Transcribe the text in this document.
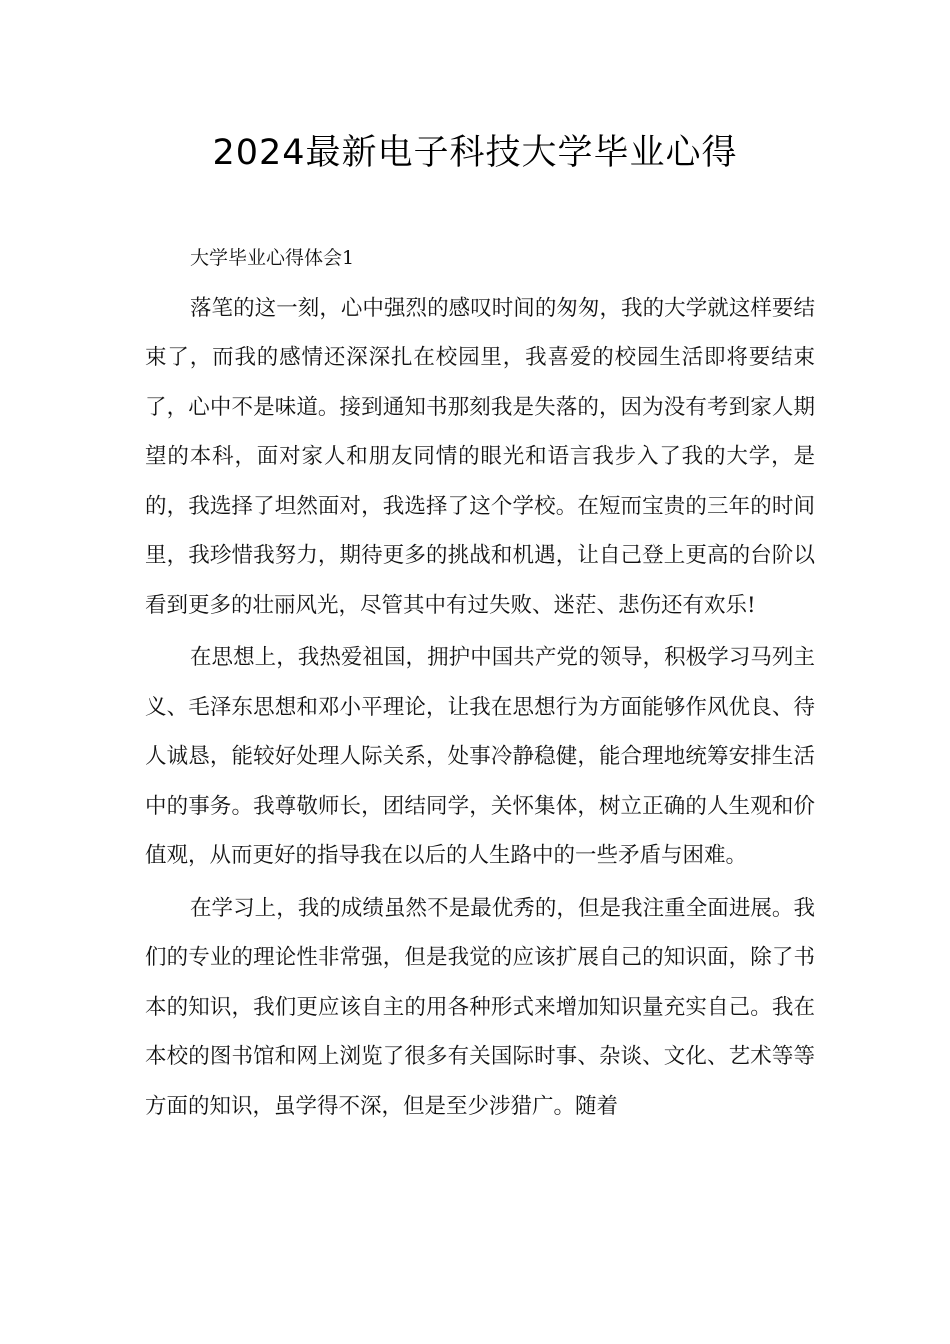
2024最新电子科技大学毕业心得

大学毕业心得体会1

落笔的这一刻，心中强烈的感叹时间的匆匆，我的大学就这样要结束了，而我的感情还深深扎在校园里，我喜爱的校园生活即将要结束了，心中不是味道。接到通知书那刻我是失落的，因为没有考到家人期望的本科，面对家人和朋友同情的眼光和语言我步入了我的大学，是的，我选择了坦然面对，我选择了这个学校。在短而宝贵的三年的时间里，我珍惜我努力，期待更多的挑战和机遇，让自己登上更高的台阶以看到更多的壮丽风光，尽管其中有过失败、迷茫、悲伤还有欢乐!

在思想上，我热爱祖国，拥护中国共产党的领导，积极学习马列主义、毛泽东思想和邓小平理论，让我在思想行为方面能够作风优良、待人诚恳，能较好处理人际关系，处事冷静稳健，能合理地统筹安排生活中的事务。我尊敬师长，团结同学，关怀集体，树立正确的人生观和价值观，从而更好的指导我在以后的人生路中的一些矛盾与困难。

在学习上，我的成绩虽然不是最优秀的，但是我注重全面进展。我们的专业的理论性非常强，但是我觉的应该扩展自己的知识面，除了书本的知识，我们更应该自主的用各种形式来增加知识量充实自己。我在本校的图书馆和网上浏览了很多有关国际时事、杂谈、文化、艺术等等方面的知识，虽学得不深，但是至少涉猎广。随着
